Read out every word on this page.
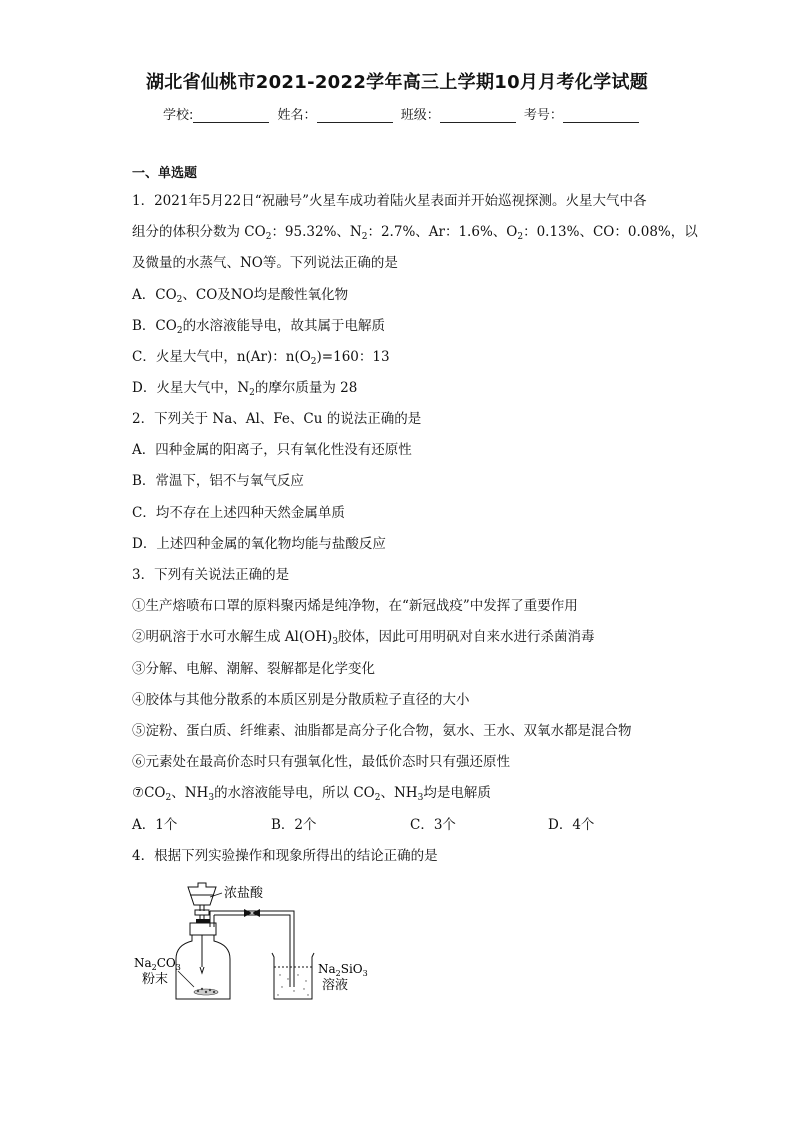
湖北省仙桃市2021-2022学年高三上学期10月月考化学试题
学校:	姓名：	班级：	考号：
一、单选题
1．2021年5月22日“祝融号”火星车成功着陆火星表面并开始巡视探测。火星大气中各
组分的体积分数为 $CO_2$：95.32%、$N_2$：2.7%、Ar：1.6%、$O_2$：0.13%、CO：0.08%，以
及微量的水蒸气、NO等。下列说法正确的是
A．$CO_2$、CO及NO均是酸性氧化物
B．$CO_2$的水溶液能导电，故其属于电解质
C．火星大气中，n(Ar)：$n(O_2)=160$：13
D．火星大气中，$N_2$的摩尔质量为 28
2．下列关于 Na、Al、Fe、Cu 的说法正确的是
A．四种金属的阳离子，只有氧化性没有还原性
B．常温下，铝不与氧气反应
C．均不存在上述四种天然金属单质
D．上述四种金属的氧化物均能与盐酸反应
3．下列有关说法正确的是
①生产熔喷布口罩的原料聚丙烯是纯净物，在“新冠战疫”中发挥了重要作用
②明矾溶于水可水解生成 $Al(OH)_3$胶体，因此可用明矾对自来水进行杀菌消毒
③分解、电解、潮解、裂解都是化学变化
④胶体与其他分散系的本质区别是分散质粒子直径的大小
⑤淀粉、蛋白质、纤维素、油脂都是高分子化合物，氨水、王水、双氧水都是混合物
⑥元素处在最高价态时只有强氧化性，最低价态时只有强还原性
$⑦CO_2$、$NH_3$的水溶液能导电，所以 $CO_2$、$NH_3$均是电解质
A．1个	B．2个	C．3个	D．4个
4．根据下列实验操作和现象所得出的结论正确的是
浓盐酸
$Na_2CO_3$
粉末
$Na_2SiO_3$
溶液
